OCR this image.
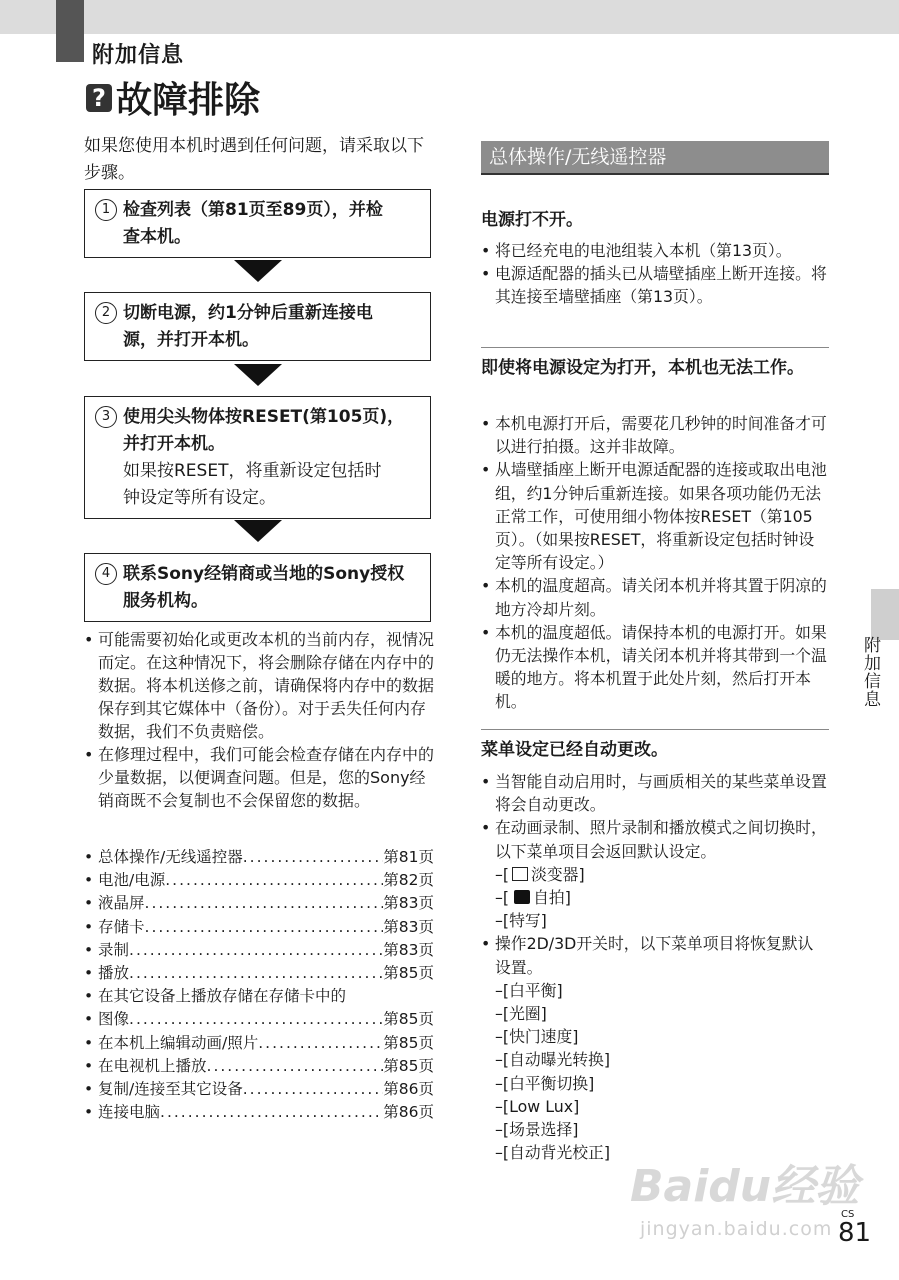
附加信息
? 故障排除
如果您使用本机时遇到任何问题，请采取以下步骤。
1 检查列表（第81页至89页），并检
查本机。
2 切断电源，约1分钟后重新连接电
源，并打开本机。
3 使用尖头物体按RESET(第105页)，
并打开本机。
如果按RESET，将重新设定包括时
钟设定等所有设定。
4 联系Sony经销商或当地的Sony授权
服务机构。
• 可能需要初始化或更改本机的当前内存，视情况而定。在这种情况下，将会删除存储在内存中的数据。将本机送修之前，请确保将内存中的数据保存到其它媒体中（备份）。对于丢失任何内存数据，我们不负责赔偿。
• 在修理过程中，我们可能会检查存储在内存中的少量数据，以便调查问题。但是，您的Sony经销商既不会复制也不会保留您的数据。
• 总体操作/无线遥控器 .....	第81页
• 电池/电源 .....	第82页
• 液晶屏 .....	第83页
• 存储卡 .....	第83页
• 录制 .....	第83页
• 播放 .....	第85页
• 在其它设备上播放存储在存储卡中的
• 图像 .....	第85页
• 在本机上编辑动画/照片 .....	第85页
• 在电视机上播放 .....	第85页
• 复制/连接至其它设备 .....	第86页
• 连接电脑 .....	第86页
总体操作/无线遥控器
电源打不开。
• 将已经充电的电池组装入本机（第13页）。
• 电源适配器的插头已从墙壁插座上断开连接。将其连接至墙壁插座（第13页）。
即使将电源设定为打开，本机也无法工作。
• 本机电源打开后，需要花几秒钟的时间准备才可以进行拍摄。这并非故障。
• 从墙壁插座上断开电源适配器的连接或取出电池组，约1分钟后重新连接。如果各项功能仍无法正常工作，可使用细小物体按RESET（第105页）。（如果按RESET，将重新设定包括时钟设定等所有设定。）
• 本机的温度超高。请关闭本机并将其置于阴凉的地方冷却片刻。
• 本机的温度超低。请保持本机的电源打开。如果仍无法操作本机，请关闭本机并将其带到一个温暖的地方。将本机置于此处片刻，然后打开本机。
菜单设定已经自动更改。
• 当智能自动启用时，与画质相关的某些菜单设置将会自动更改。
• 在动画录制、照片录制和播放模式之间切换时，以下菜单项目会返回默认设定。
–[ 淡变器]
–[ 自拍]
–[特写]
• 操作2D/3D开关时，以下菜单项目将恢复默认设置。
–[白平衡]
–[光圈]
–[快门速度]
–[自动曝光转换]
–[白平衡切换]
–[Low Lux]
–[场景选择]
–[自动背光校正]
附加信息
Baidu经验
jingyan.baidu.com
CS
81
